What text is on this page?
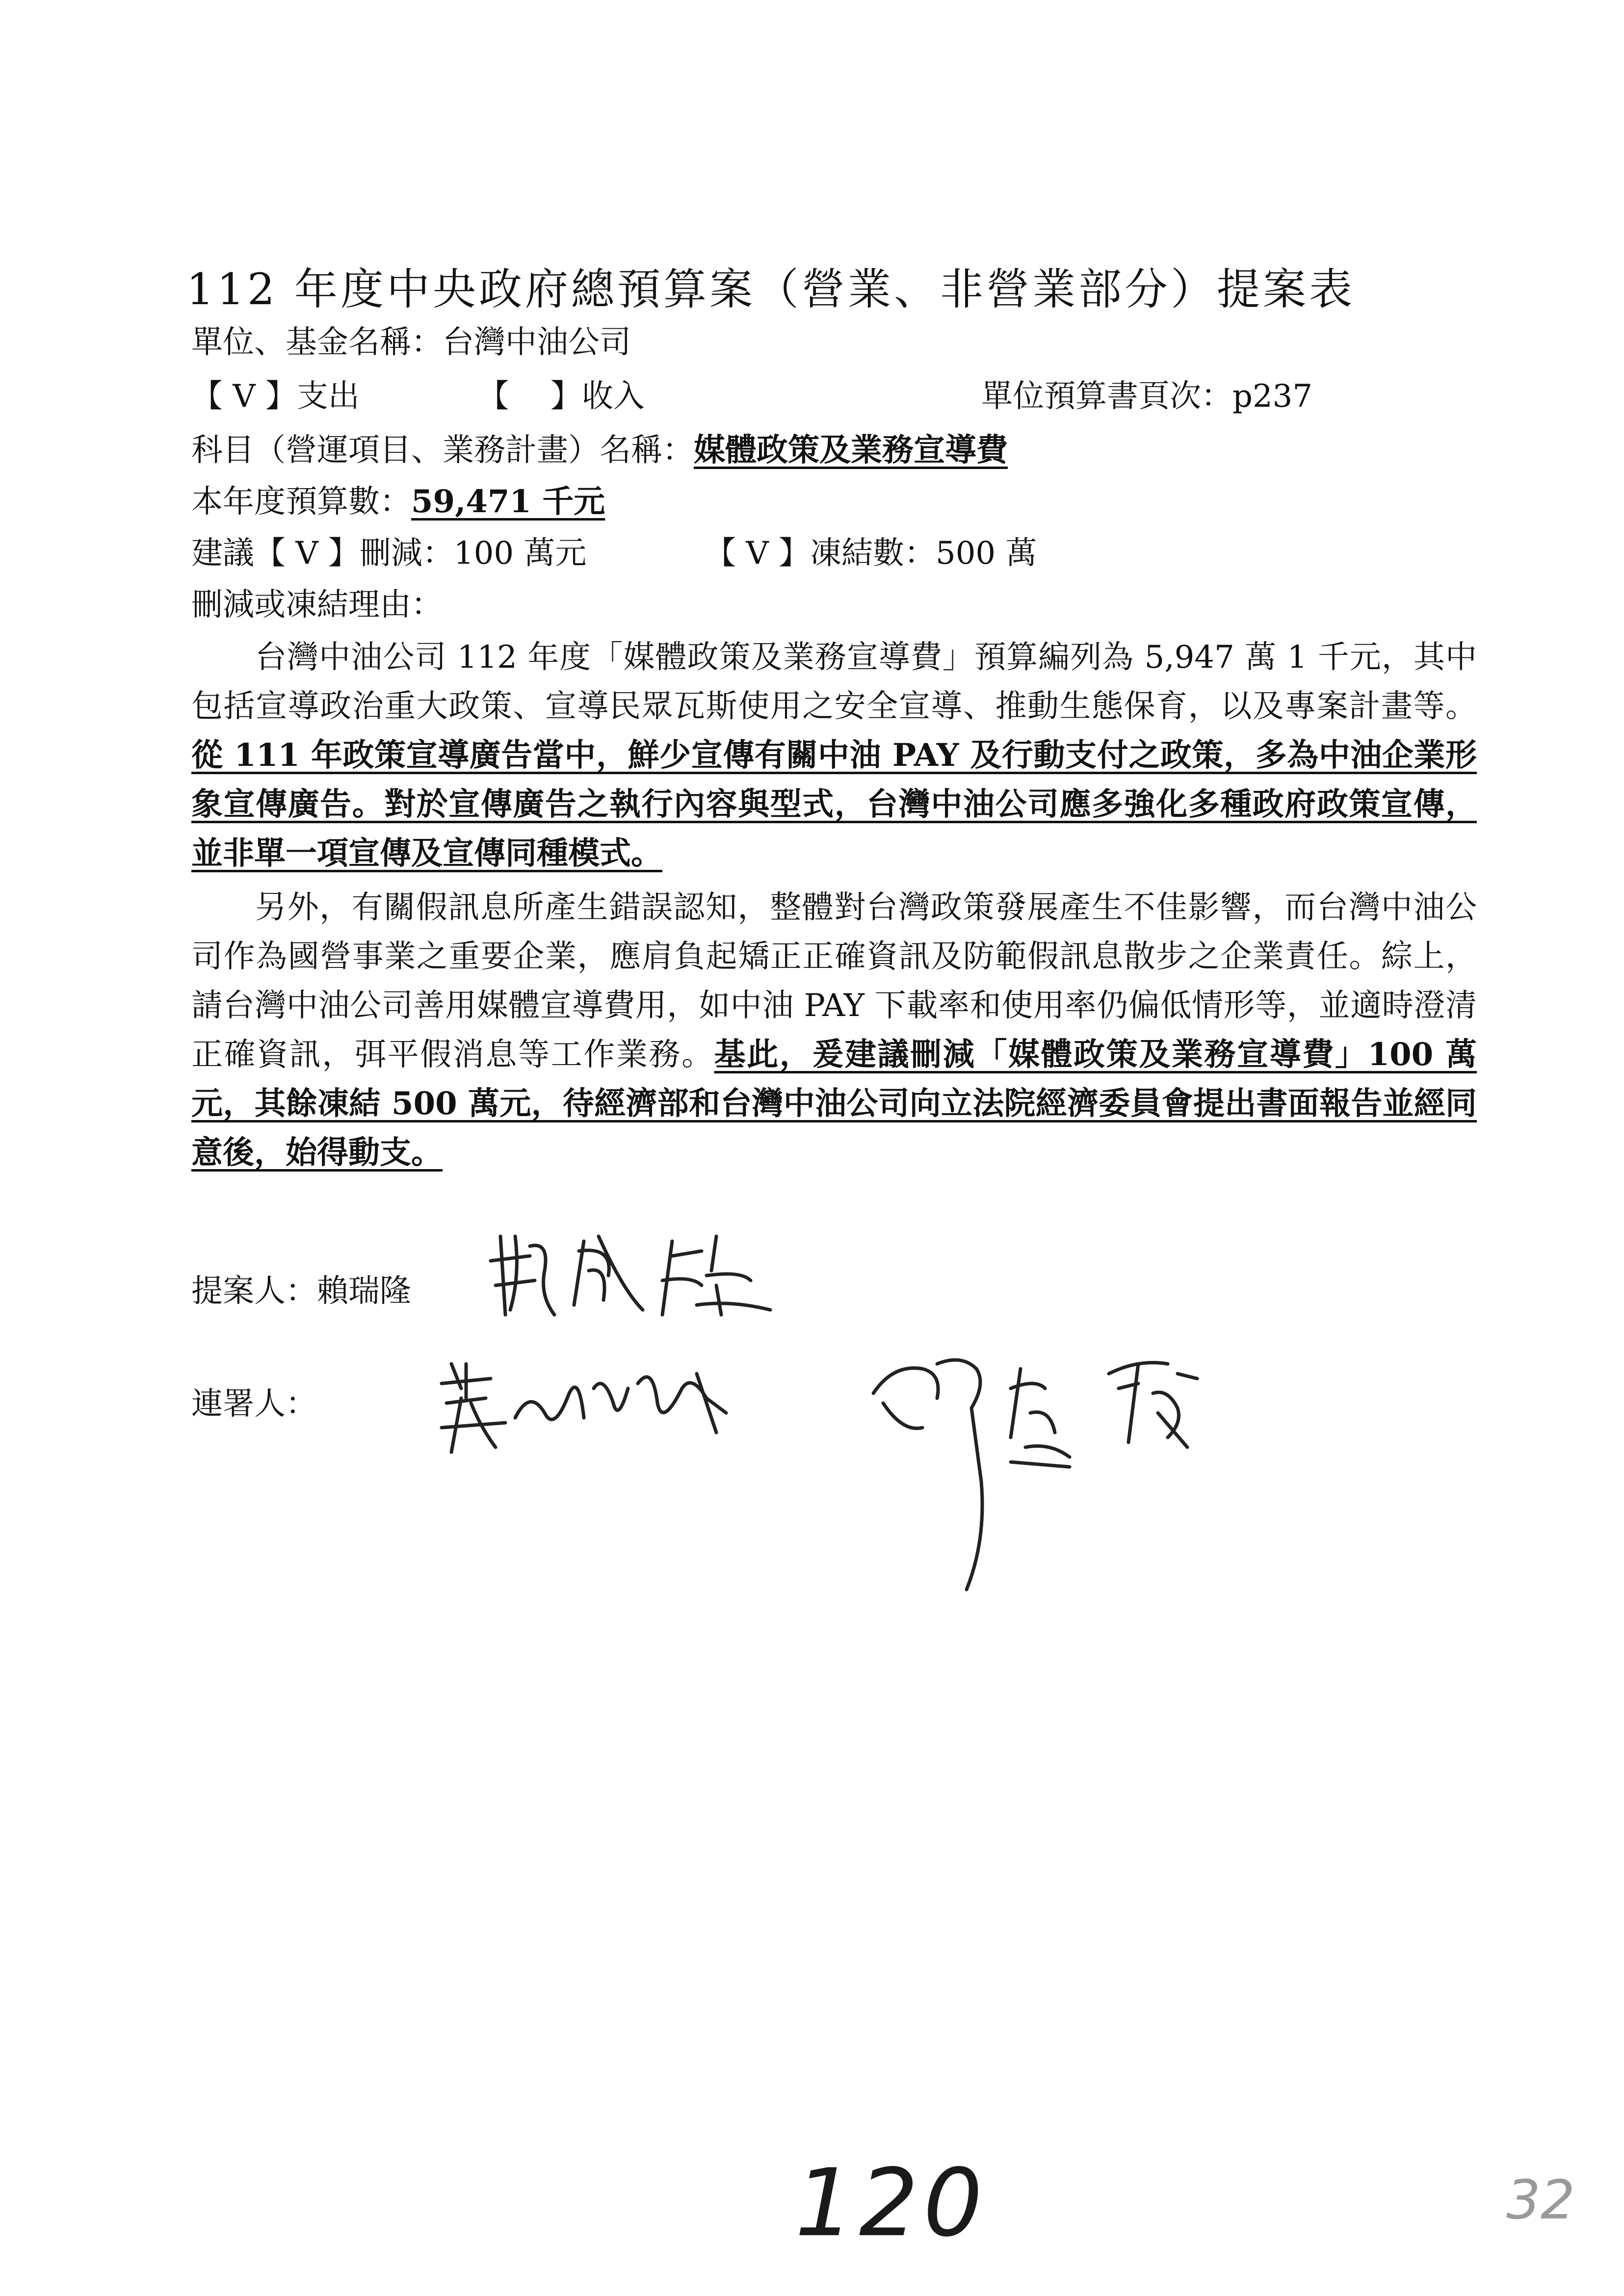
112 年度中央政府總預算案（營業、非營業部分）提案表
單位、基金名稱：台灣中油公司
【 V 】支出	【　 】收入	單位預算書頁次：p237
科目（營運項目、業務計畫）名稱：媒體政策及業務宣導費
本年度預算數：59,471 千元
建議【 V 】刪減：100 萬元	【 V 】凍結數：500 萬
刪減或凍結理由：
台灣中油公司 112 年度「媒體政策及業務宣導費」預算編列為 5,947 萬 1 千元，其中包括宣導政治重大政策、宣導民眾瓦斯使用之安全宣導、推動生態保育，以及專案計畫等。從 111 年政策宣導廣告當中，鮮少宣傳有關中油 PAY 及行動支付之政策，多為中油企業形象宣傳廣告。對於宣傳廣告之執行內容與型式，台灣中油公司應多強化多種政府政策宣傳，並非單一項宣傳及宣傳同種模式。
另外，有關假訊息所產生錯誤認知，整體對台灣政策發展產生不佳影響，而台灣中油公司作為國營事業之重要企業，應肩負起矯正正確資訊及防範假訊息散步之企業責任。綜上，請台灣中油公司善用媒體宣導費用，如中油 PAY 下載率和使用率仍偏低情形等，並適時澄清正確資訊，弭平假消息等工作業務。基此，爰建議刪減「媒體政策及業務宣導費」100 萬元，其餘凍結 500 萬元，待經濟部和台灣中油公司向立法院經濟委員會提出書面報告並經同意後，始得動支。
提案人：賴瑞隆
連署人：
120	32
